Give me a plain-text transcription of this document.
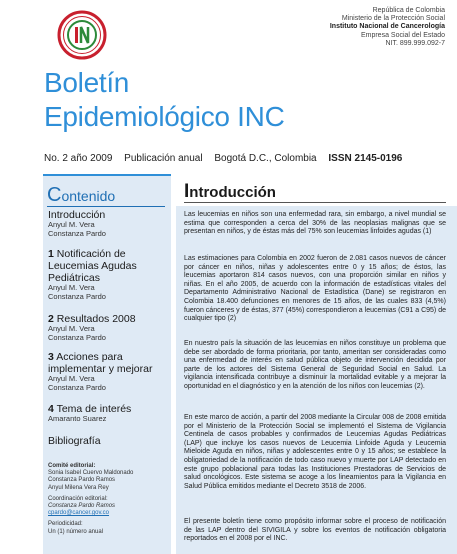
República de Colombia
Ministerio de la Protección Social
Instituto Nacional de Cancerología
Empresa Social del Estado
NIT. 899.999.092-7
Boletín
Epidemiológico INC
No. 2 año 2009 Publicación anual Bogotá D.C., Colombia ISSN 2145-0196
Contenido
Introducción
Anyul M. Vera
Constanza Pardo
1 Notificación de Leucemias Agudas Pediátricas
Anyul M. Vera
Constanza Pardo
2 Resultados 2008
Anyul M. Vera
Constanza Pardo
3 Acciones para implementar y mejorar
Anyul M. Vera
Constanza Pardo
4 Tema de interés
Amaranto Suarez
Bibliografía
Comité editorial:
Sonia Isabel Cuervo Maldonado
Constanza Pardo Ramos
Anyul Milena Vera Rey
Coordinación editorial:
Constanza Pardo Ramos
cpardo@cancer.gov.co
Periodicidad:
Un (1) número anual
Introducción
Las leucemias en niños son una enfermedad rara, sin embargo, a nivel mundial se estima que corresponden a cerca del 30% de las neoplasias malignas que se presentan en niños, y de éstas más del 75% son leucemias linfoides agudas (1)
Las estimaciones para Colombia en 2002 fueron de 2.081 casos nuevos de cáncer por cáncer en niños, niñas y adolescentes entre 0 y 15 años; de éstos, las leucemias aportaron 814 casos nuevos, con una proporción similar en niños y niñas. En el año 2005, de acuerdo con la información de estadísticas vitales del Departamento Administrativo Nacional de Estadística (Dane) se registraron en Colombia 18.400 defunciones en menores de 15 años, de las cuales 833 (4,5%) fueron cánceres y de éstas, 377 (45%) correspondieron a leucemias (C91 a C95) de cualquier tipo (2)
En nuestro país la situación de las leucemias en niños constituye un problema que debe ser abordado de forma prioritaria, por tanto, ameritan ser consideradas como una enfermedad de interés en salud pública objeto de intervención decidida por parte de los actores del Sistema General de Seguridad Social en Salud. La vigilancia intensificada contribuye a disminuir la mortalidad evitable y a mejorar la oportunidad en el diagnóstico y en la atención de los niños con leucemias (2).
En este marco de acción, a partir del 2008 mediante la Circular 008 de 2008 emitida por el Ministerio de la Protección Social se implementó el Sistema de Vigilancia Centinela de casos probables y confirmados de Leucemias Agudas Pediátricas (LAP) que incluye los casos nuevos de Leucemia Linfoide Aguda y Leucemia Mieloide Aguda en niños, niñas y adolescentes entre 0 y 15 años; se establece la obligatoriedad de la notificación de todo caso nuevo y muerte por LAP detectado en este grupo poblacional para todas las Instituciones Prestadoras de Servicios de salud oncológicos. Este sistema se acoge a los lineamientos para la Vigilancia en Salud Pública emitidos mediante el Decreto 3518 de 2006.
El presente boletín tiene como propósito informar sobre el proceso de notificación de las LAP dentro del SIVIGILA y sobre los eventos de notificación obligatoria reportados en el 2008 por el INC.
